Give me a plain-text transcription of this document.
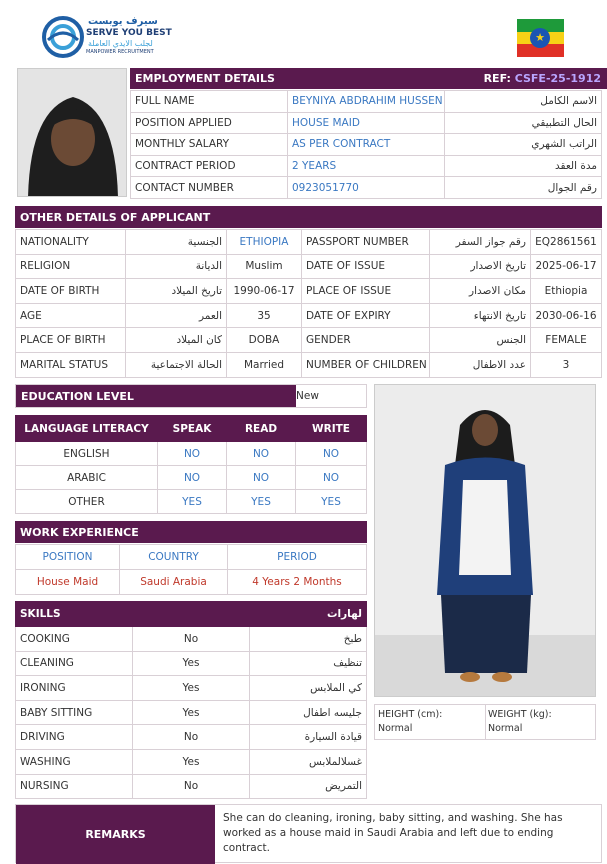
سيرف يوبست
SERVE YOU BEST
لجلب الايدي العاملة
MANPOWER RECRUITMENT
★
EMPLOYMENT DETAILS	REF: CSFE-25-1912
FULL NAME	BEYNIYA ABDRAHIM HUSSEN	الاسم الكامل
POSITION APPLIED	HOUSE MAID	الحال التطبيقي
MONTHLY SALARY	AS PER CONTRACT	الراتب الشهري
CONTRACT PERIOD	2 YEARS	مدة العقد
CONTACT NUMBER	0923051770	رقم الجوال
OTHER DETAILS OF APPLICANT
NATIONALITY	الجنسية	ETHIOPIA	PASSPORT NUMBER	رقم جواز السفر	EQ2861561
RELIGION	الديانة	Muslim	DATE OF ISSUE	تاريخ الاصدار	2025-06-17
DATE OF BIRTH	تاريخ الميلاد	1990-06-17	PLACE OF ISSUE	مكان الاصدار	Ethiopia
AGE	العمر	35	DATE OF EXPIRY	تاريخ الانتهاء	2030-06-16
PLACE OF BIRTH	كان الميلاد	DOBA	GENDER	الجنس	FEMALE
MARITAL STATUS	الحالة الاجتماعية	Married	NUMBER OF CHILDREN	عدد الاطفال	3
EDUCATION LEVEL	New
LANGUAGE LITERACY	SPEAK	READ	WRITE
ENGLISH	NO	NO	NO
ARABIC	NO	NO	NO
OTHER	YES	YES	YES
WORK EXPERIENCE
POSITION	COUNTRY	PERIOD
House Maid	Saudi Arabia	4 Years 2 Months
SKILLS		لهارات
COOKING	No	طبخ
CLEANING	Yes	تنظيف
IRONING	Yes	كي الملابس
BABY SITTING	Yes	جليسه اطفال
DRIVING	No	قيادة السيارة
WASHING	Yes	غسلالملابس
NURSING	No	التمريض
HEIGHT (cm):
Normal
WEIGHT (kg):
Normal
REMARKS
She can do cleaning, ironing, baby sitting, and washing. She has worked as a house maid in Saudi Arabia and left due to ending contract.
